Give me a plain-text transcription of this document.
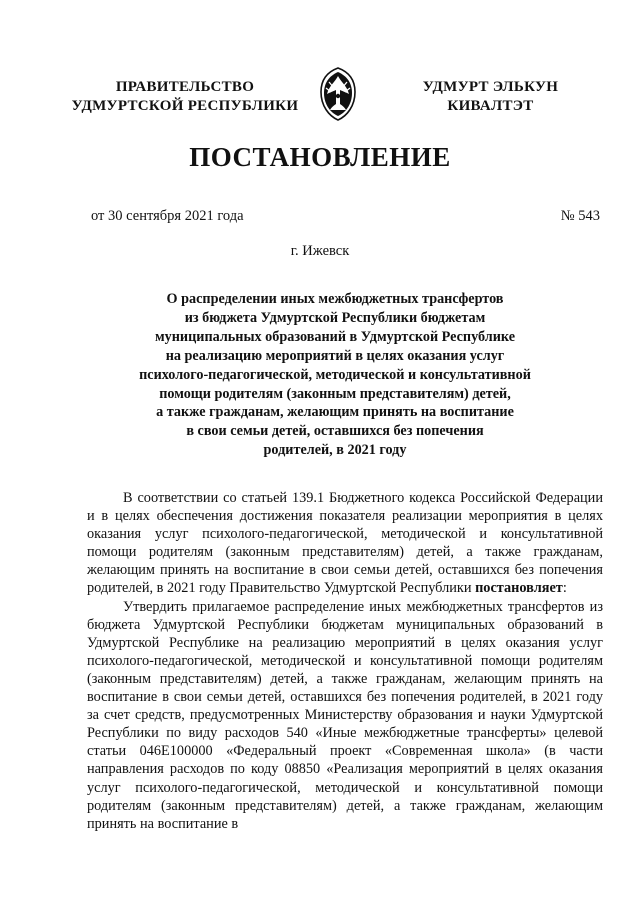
ПРАВИТЕЛЬСТВО
УДМУРТСКОЙ РЕСПУБЛИКИ
УДМУРТ ЭЛЬКУН
КИВАЛТЭТ
ПОСТАНОВЛЕНИЕ
от 30 сентября 2021 года	№ 543
г. Ижевск
О распределении иных межбюджетных трансфертов
из бюджета Удмуртской Республики бюджетам
муниципальных образований в Удмуртской Республике
на реализацию мероприятий в целях оказания услуг
психолого-педагогической, методической и консультативной
помощи родителям (законным представителям) детей,
а также гражданам, желающим принять на воспитание
в свои семьи детей, оставшихся без попечения
родителей, в 2021 году

В соответствии со статьей 139.1 Бюджетного кодекса Российской Федерации и в целях обеспечения достижения показателя реализации мероприятия в целях оказания услуг психолого-педагогической, методической и консультативной помощи родителям (законным представителям) детей, а также гражданам, желающим принять на воспитание в свои семьи детей, оставшихся без попечения родителей, в 2021 году Правительство Удмуртской Республики постановляет:

Утвердить прилагаемое распределение иных межбюджетных трансфертов из бюджета Удмуртской Республики бюджетам муниципальных образований в Удмуртской Республике на реализацию мероприятий в целях оказания услуг психолого-педагогической, методической и консультативной помощи родителям (законным представителям) детей, а также гражданам, желающим принять на воспитание в свои семьи детей, оставшихся без попечения родителей, в 2021 году за счет средств, предусмотренных Министерству образования и науки Удмуртской Республики по виду расходов 540 «Иные межбюджетные трансферты» целевой статьи 046Е100000 «Федеральный проект «Современная школа» (в части направления расходов по коду 08850 «Реализация мероприятий в целях оказания услуг психолого-педагогической, методической и консультативной помощи родителям (законным представителям) детей, а также гражданам, желающим принять на воспитание в
